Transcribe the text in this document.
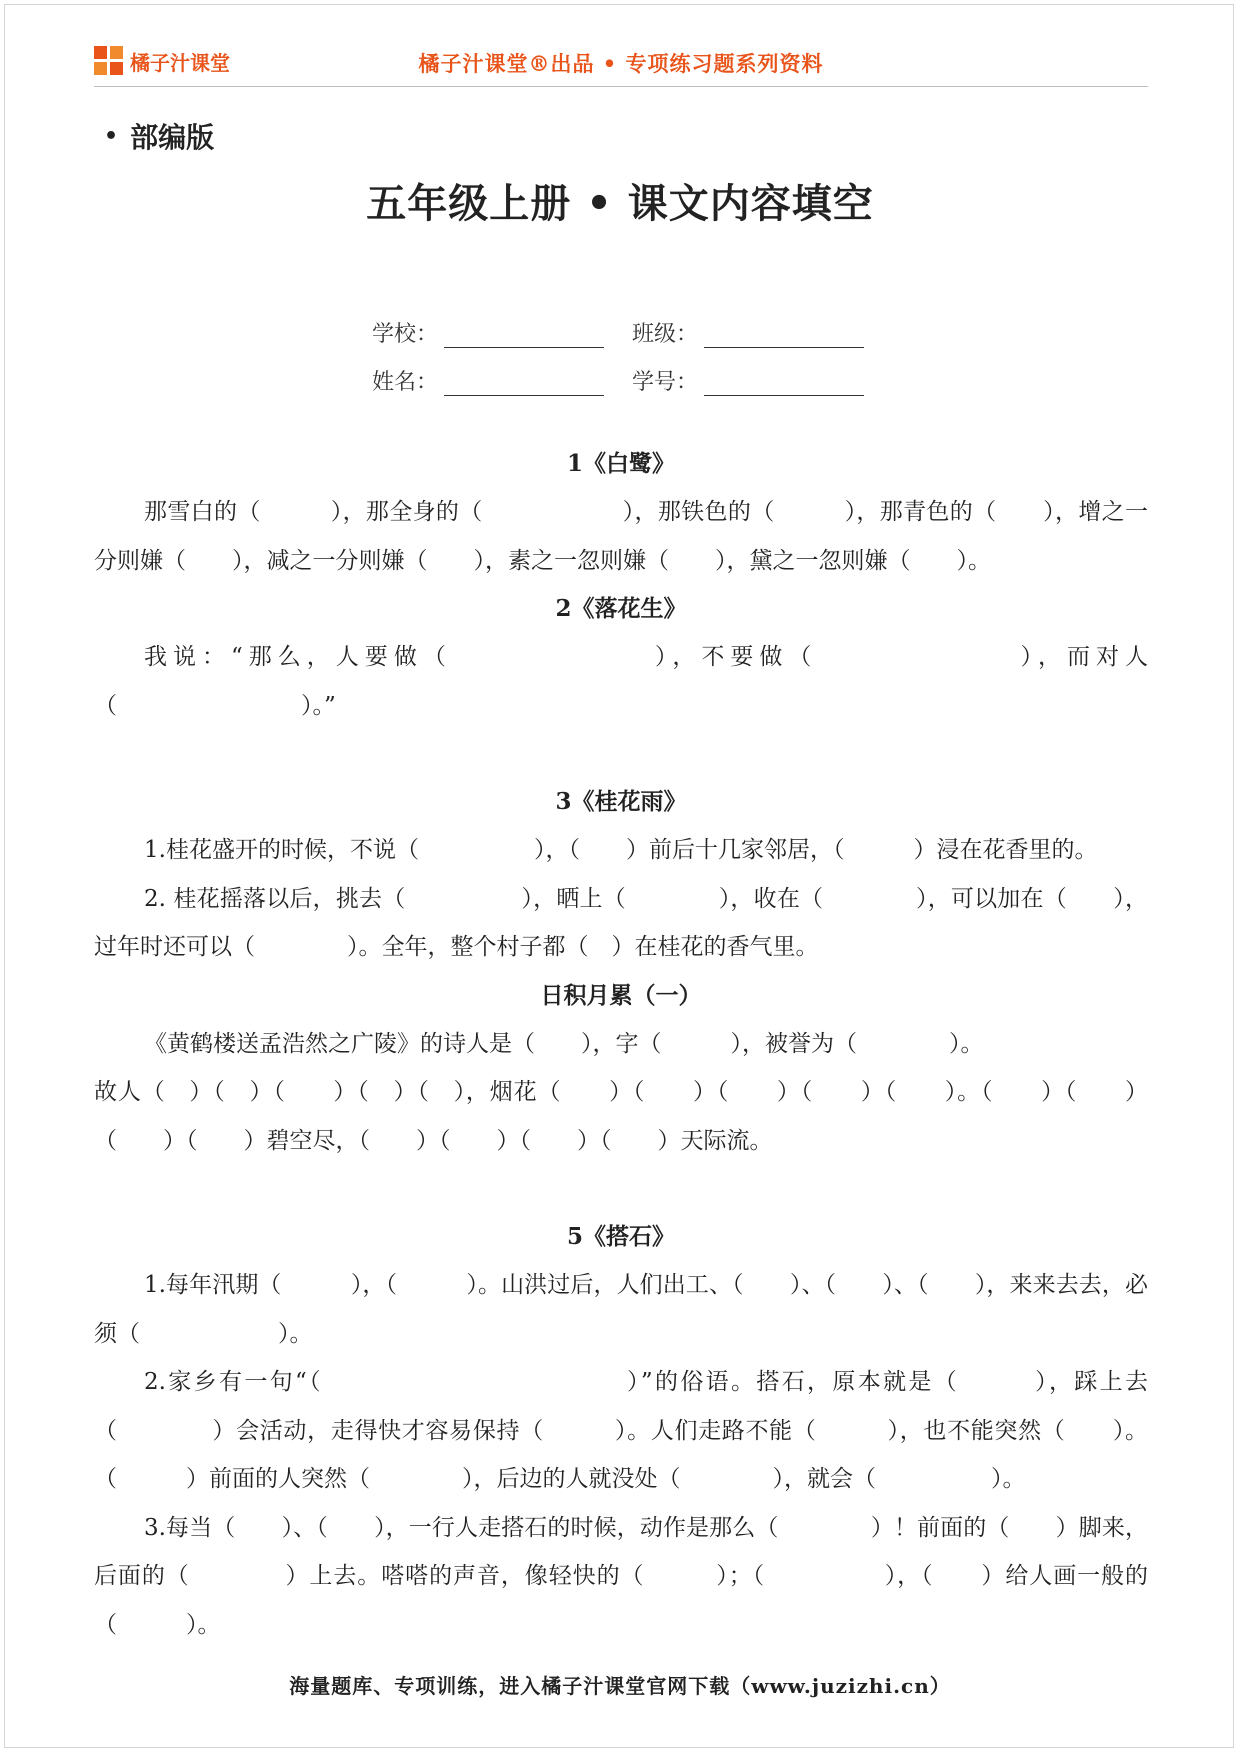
橘子汁课堂	橘子汁课堂®出品 • 专项练习题系列资料
• 部编版
五年级上册 • 课文内容填空
学校：	班级：
姓名：	学号：
1《白鹭》

那雪白的（　　　），那全身的（　　　　　　），那铁色的（　　　），那青色的（　　），增之一分则嫌（　　），减之一分则嫌（　　），素之一忽则嫌（　　），黛之一忽则嫌（　　）。

2《落花生》

我说：“那么，人要做（　　　　　　　），不要做（　　　　　　　），而对人（　　　　　　　　）。”

3《桂花雨》

1.桂花盛开的时候，不说（　　　　　），（　　）前后十几家邻居，（　　　）浸在花香里的。

2. 桂花摇落以后，挑去（　　　　　），晒上（　　　　），收在（　　　　），可以加在（　　），过年时还可以（　　　　）。全年，整个村子都（　）在桂花的香气里。

日积月累（一）

《黄鹤楼送孟浩然之广陵》的诗人是（　　），字（　　　），被誉为（　　　　）。

故人（　）（　）（　　）（　）（　），烟花（　　）（　　）（　　）（　　）（　　）。（　　）（　　）（　　）（　　）碧空尽，（　　）（　　）（　　）（　　）天际流。

5《搭石》

1.每年汛期（　　　），（　　　）。山洪过后，人们出工、（　　）、（　　）、（　　），来来去去，必须（　　　　　　）。

2.家乡有一句“（　　　　　　　　　　　　）”的俗语。搭石，原本就是（　　　），踩上去（　　　　）会活动，走得快才容易保持（　　　）。人们走路不能（　　　），也不能突然（　　）。（　　　）前面的人突然（　　　　），后边的人就没处（　　　　），就会（　　　　　）。

3.每当（　　）、（　　），一行人走搭石的时候，动作是那么（　　　　）！前面的（　　）脚来，后面的（　　　　）上去。嗒嗒的声音，像轻快的（　　　）；（　　　　　），（　　）给人画一般的（　　　）。

海量题库、专项训练，进入橘子汁课堂官网下载（www.juzizhi.cn）
